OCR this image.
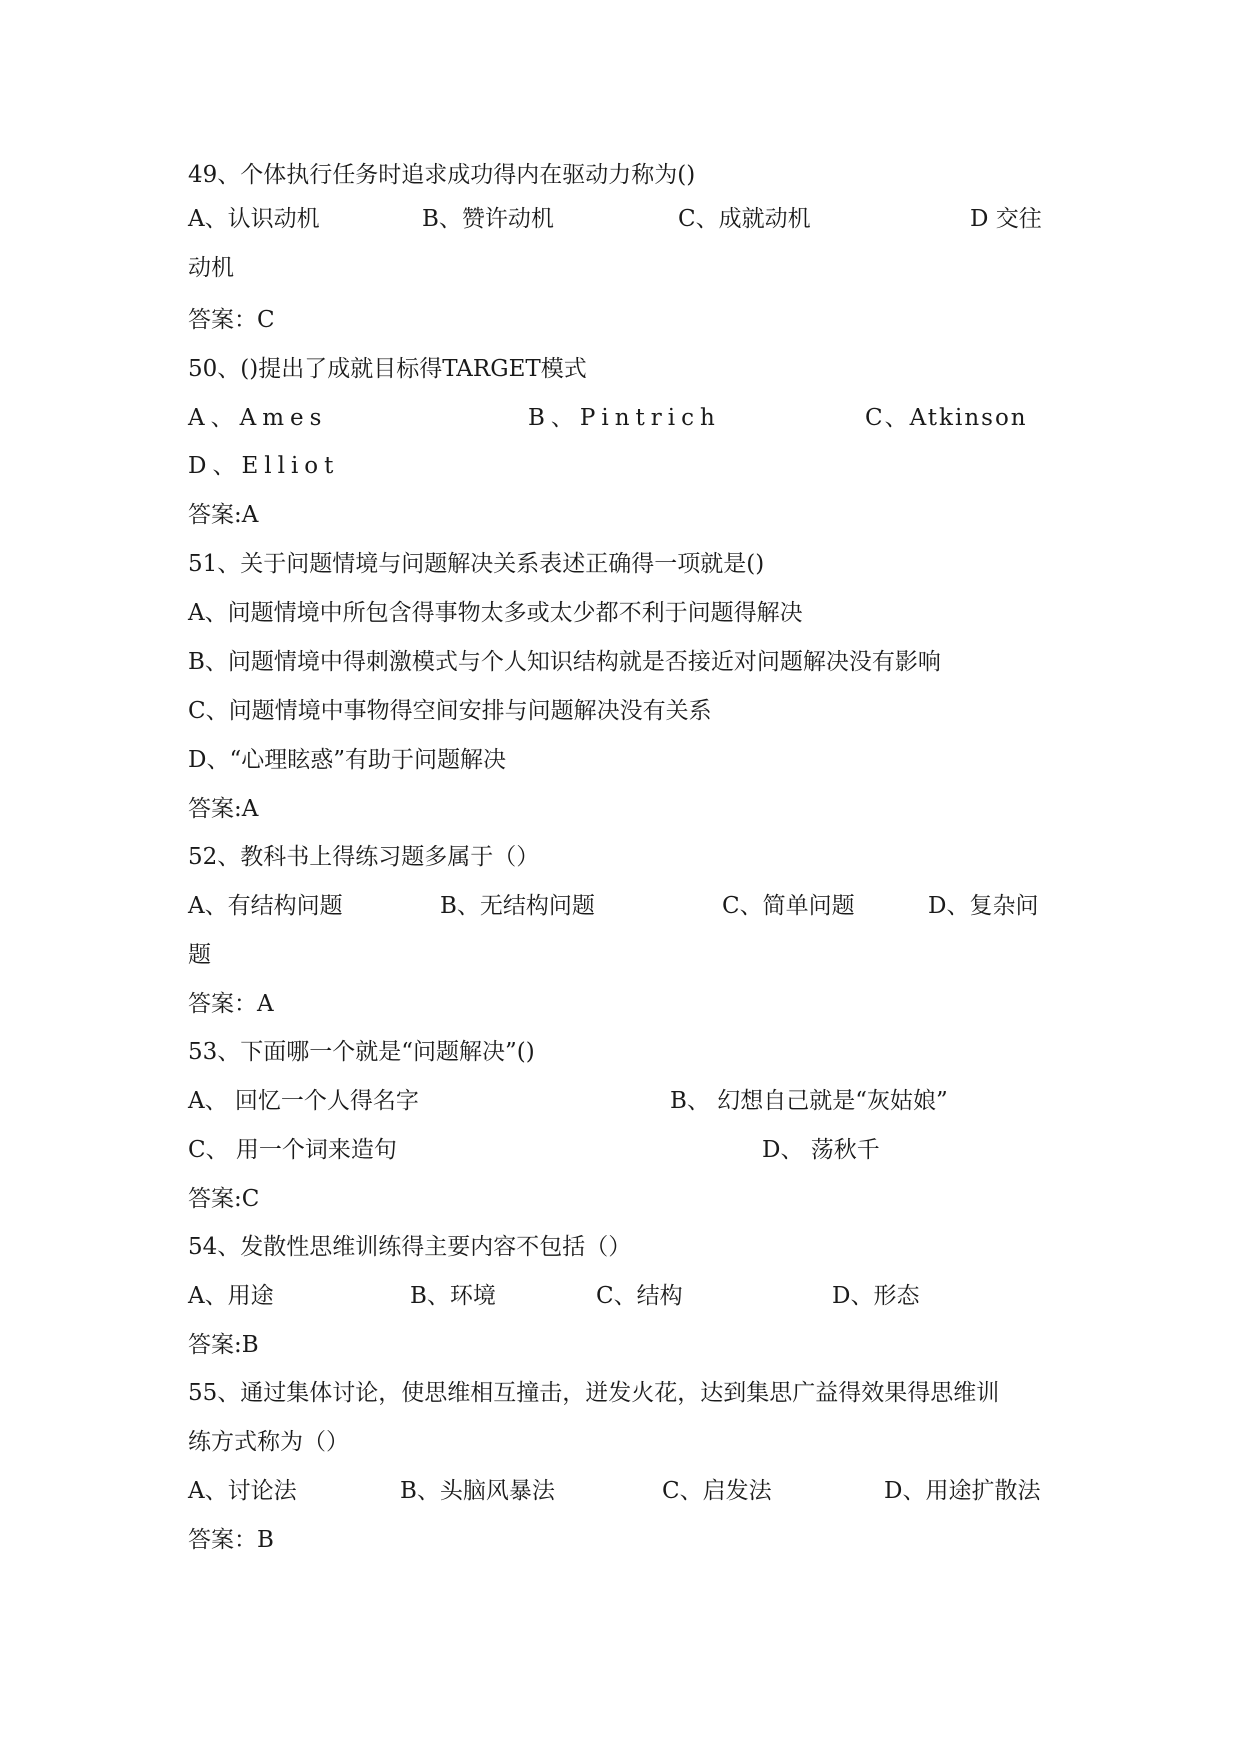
49、个体执行任务时追求成功得内在驱动力称为()
A、认识动机	B、赞许动机	C、成就动机	D 交往
动机
答案：C
50、()提出了成就目标得TARGET模式
A、Ames	B、Pintrich	C、Atkinson
D、Elliot
答案:A
51、关于问题情境与问题解决关系表述正确得一项就是()
A、问题情境中所包含得事物太多或太少都不利于问题得解决
B、问题情境中得刺激模式与个人知识结构就是否接近对问题解决没有影响
C、问题情境中事物得空间安排与问题解决没有关系
D、“心理眩惑”有助于问题解决
答案:A
52、教科书上得练习题多属于（）
A、有结构问题	B、无结构问题	C、简单问题	D、复杂问
题
答案：A
53、下面哪一个就是“问题解决”()
A、 回忆一个人得名字	B、 幻想自己就是“灰姑娘”
C、 用一个词来造句	D、 荡秋千
答案:C
54、发散性思维训练得主要内容不包括（）
A、用途	B、环境	C、结构	D、形态
答案:B
55、通过集体讨论，使思维相互撞击，迸发火花，达到集思广益得效果得思维训
练方式称为（）
A、讨论法	B、头脑风暴法	C、启发法	D、用途扩散法
答案：B
